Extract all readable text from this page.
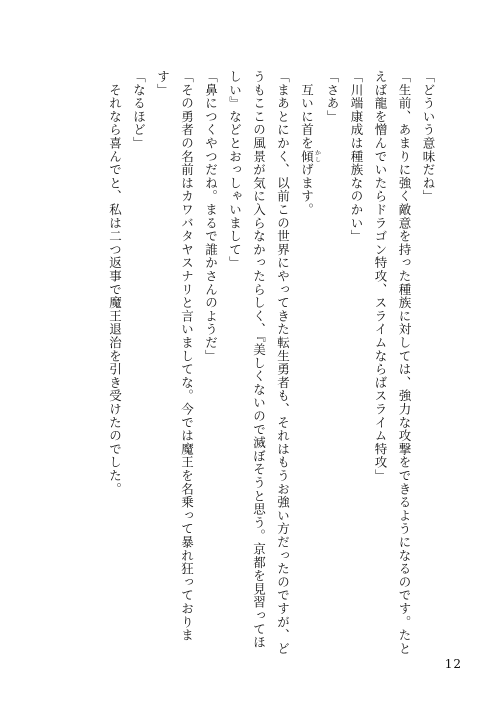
「どういう意味だね」
「生前、あまりに強く敵意を持った種族に対しては、強力な攻撃をできるようになるのです。たと
えば龍を憎んでいたらドラゴン特攻、スライムならばスライム特攻」
「川端康成は種族なのかい」
「さあ」
　互いに首を傾 かしげます。
「まあとにかく、以前この世界にやってきた転生勇者も、それはもうお強い方だったのですが、ど
うもここの風景が気に入らなかったらしく、『美しくないので滅ぼそうと思う。京都を見習ってほ
しい』などとおっしゃいまして」
「鼻につくやつだね。まるで誰かさんのようだ」
「その勇者の名前はカワバタヤスナリと言いましてな。今では魔王を名乗って暴れ狂っておりま
す」
「なるほど」
　それなら喜んでと、私は二つ返事で魔王退治を引き受けたのでした。
12
